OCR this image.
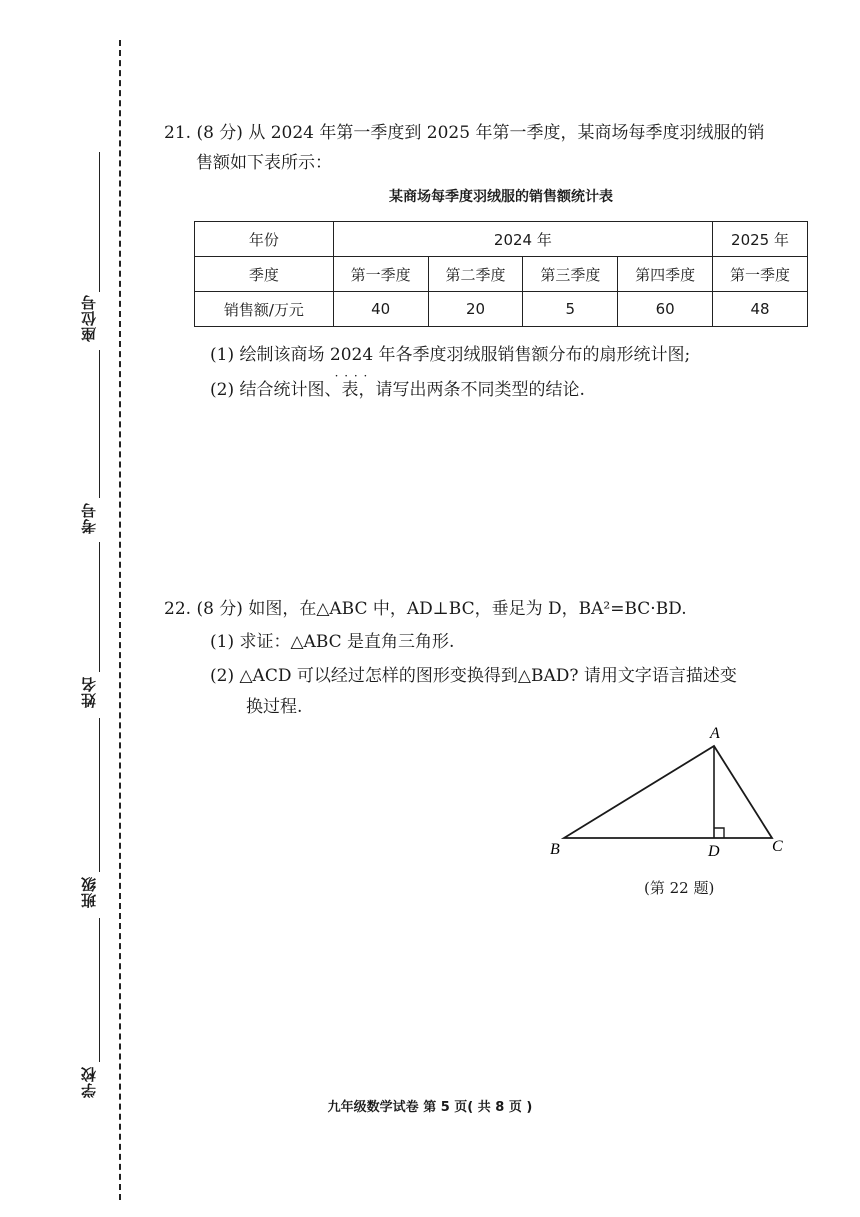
座位号
考号
姓名
班级
学校
21. (8 分) 从 2024 年第一季度到 2025 年第一季度，某商场每季度羽绒服的销
售额如下表所示：
某商场每季度羽绒服的销售额统计表
年份	2024 年				2025 年
季度	第一季度	第二季度	第三季度	第四季度	第一季度
销售额/万元	40	20	5	60	48
(1) 绘制该商场 2024 · · · · 年各季度羽绒服销售额分布的扇形统计图;
(2) 结合统计图、表，请写出两条不同类型的结论.
22. (8 分) 如图，在△ABC 中，AD⊥BC，垂足为 D，BA²=BC·BD.
(1) 求证：△ABC 是直角三角形.
(2) △ACD 可以经过怎样的图形变换得到△BAD? 请用文字语言描述变
换过程.
A
B	C
D
(第 22 题)
九年级数学试卷 第 5 页( 共 8 页 )
